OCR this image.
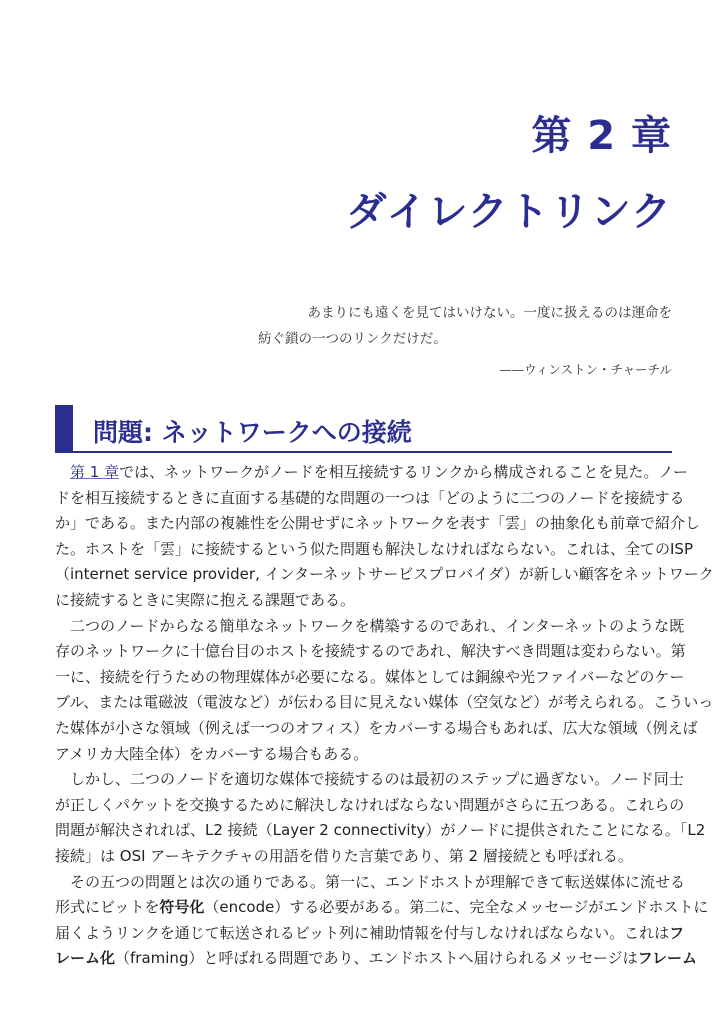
第 2 章
ダイレクトリンク
あまりにも遠くを見てはいけない。一度に扱えるのは運命を
紡ぐ鎖の一つのリンクだけだ。
——ウィンストン・チャーチル
問題: ネットワークへの接続
第 1 章では、ネットワークがノードを相互接続するリンクから構成されることを見た。ノー
ドを相互接続するときに直面する基礎的な問題の一つは「どのように二つのノードを接続する
か」である。また内部の複雑性を公開せずにネットワークを表す「雲」の抽象化も前章で紹介し
た。ホストを「雲」に接続するという似た問題も解決しなければならない。これは、全てのISP
（internet service provider, インターネットサービスプロバイダ）が新しい顧客をネットワーク
に接続するときに実際に抱える課題である。
二つのノードからなる簡単なネットワークを構築するのであれ、インターネットのような既
存のネットワークに十億台目のホストを接続するのであれ、解決すべき問題は変わらない。第
一に、接続を行うための物理媒体が必要になる。媒体としては銅線や光ファイバーなどのケー
ブル、または電磁波（電波など）が伝わる目に見えない媒体（空気など）が考えられる。こういっ
た媒体が小さな領域（例えば一つのオフィス）をカバーする場合もあれば、広大な領域（例えば
アメリカ大陸全体）をカバーする場合もある。
しかし、二つのノードを適切な媒体で接続するのは最初のステップに過ぎない。ノード同士
が正しくパケットを交換するために解決しなければならない問題がさらに五つある。これらの
問題が解決されれば、L2 接続（Layer 2 connectivity）がノードに提供されたことになる。「L2
接続」は OSI アーキテクチャの用語を借りた言葉であり、第 2 層接続とも呼ばれる。
その五つの問題とは次の通りである。第一に、エンドホストが理解できて転送媒体に流せる
形式にビットを符号化（encode）する必要がある。第二に、完全なメッセージがエンドホストに
届くようリンクを通じて転送されるビット列に補助情報を付与しなければならない。これはフ
レーム化（framing）と呼ばれる問題であり、エンドホストへ届けられるメッセージはフレーム
